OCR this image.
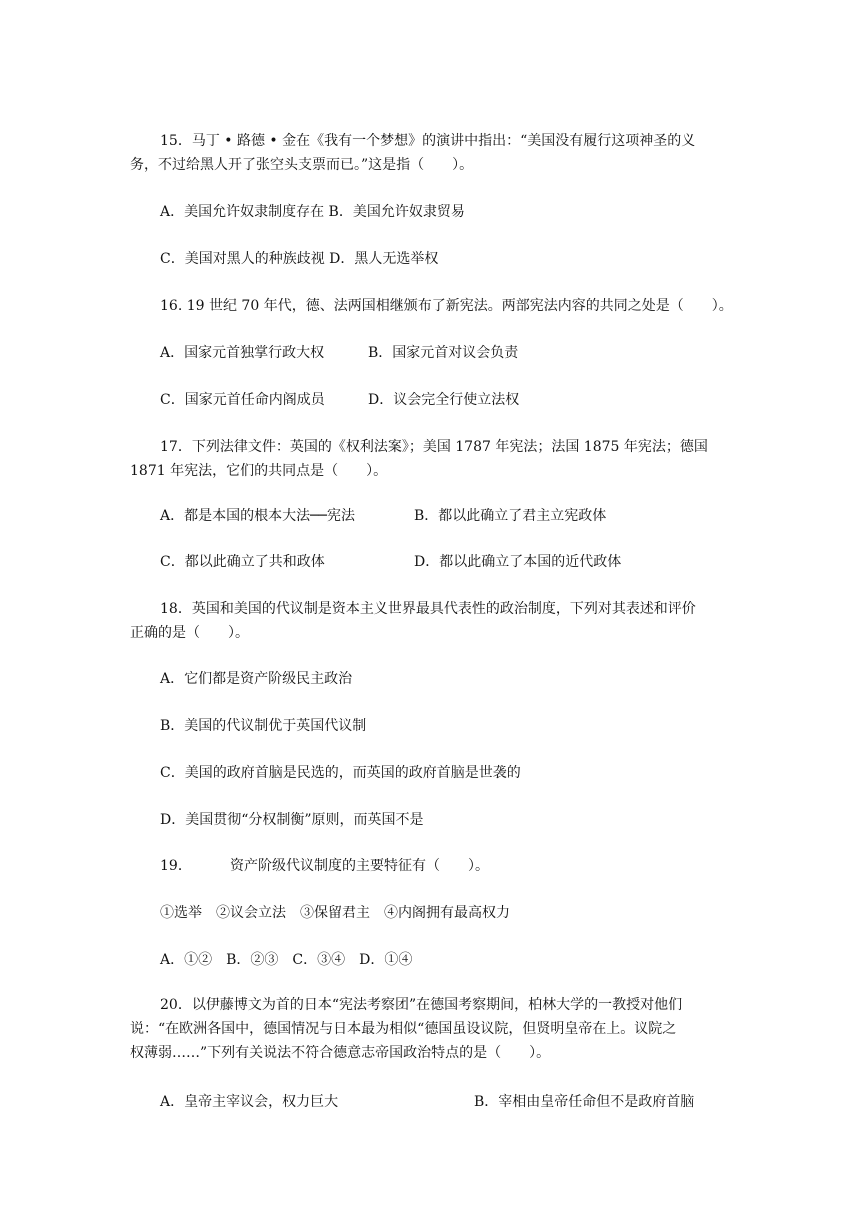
15．马丁 • 路德 • 金在《我有一个梦想》的演讲中指出：“美国没有履行这项神圣的义
务，不过给黑人开了张空头支票而已。”这是指（　　）。
A．美国允许奴隶制度存在 B．美国允许奴隶贸易
C．美国对黑人的种族歧视 D．黑人无选举权
16. 19 世纪 70 年代，德、法两国相继颁布了新宪法。两部宪法内容的共同之处是（　　）。
A．国家元首独掌行政大权	B．国家元首对议会负责
C．国家元首任命内阁成员	D．议会完全行使立法权
17．下列法律文件：英国的《权利法案》；美国 1787 年宪法；法国 1875 年宪法；德国
1871 年宪法，它们的共同点是（　　）。
A．都是本国的根本大法──宪法	B．都以此确立了君主立宪政体
C．都以此确立了共和政体	D．都以此确立了本国的近代政体
18．英国和美国的代议制是资本主义世界最具代表性的政治制度，下列对其表述和评价
正确的是（　　）。
A．它们都是资产阶级民主政治
B．美国的代议制优于英国代议制
C．美国的政府首脑是民选的，而英国的政府首脑是世袭的
D．美国贯彻“分权制衡”原则，而英国不是
19．	资产阶级代议制度的主要特征有（　　）。
①选举　②议会立法　③保留君主　④内阁拥有最高权力
A．①②　B．②③　C．③④　D．①④
20．以伊藤博文为首的日本“宪法考察团”在德国考察期间，柏林大学的一教授对他们
说：“在欧洲各国中，德国情况与日本最为相似“德国虽设议院，但贤明皇帝在上。议院之
权薄弱……”下列有关说法不符合德意志帝国政治特点的是（　　）。
A．皇帝主宰议会，权力巨大	B．宰相由皇帝任命但不是政府首脑
